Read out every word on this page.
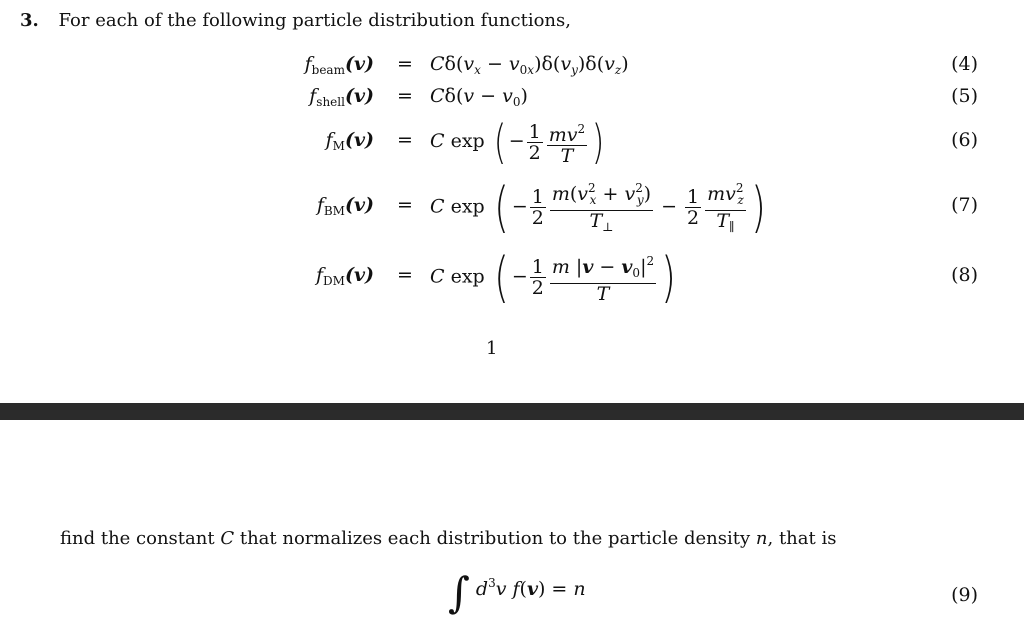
3. For each of the following particle distribution functions,
$f_{beam}(v) = C\delta(v_x - v_{0x})\delta(v_y)\delta(v_z)$	(4)
$f_{shell}(v) = C\delta(v - v_0)$	(5)
$f_M(v) = C$ exp ( − $\frac{1}{2} \frac{mv^2}{T}$ )	(6)
$f_{BM}(v) = C$ exp ( − $\frac{1}{2} \frac{m(v^2_x + v^2_y)}{T_\perp} - \frac{1}{2} \frac{mv^2_z}{T_\parallel}$ )	(7)
$f_{DM}(v) = C$ exp ( − $\frac{1}{2} \frac{m |v - v_0|^2}{T}$ )	(8)
1
find the constant C that normalizes each distribution to the particle density n, that is
∫ $d^3v$ f(v) = n	(9)
